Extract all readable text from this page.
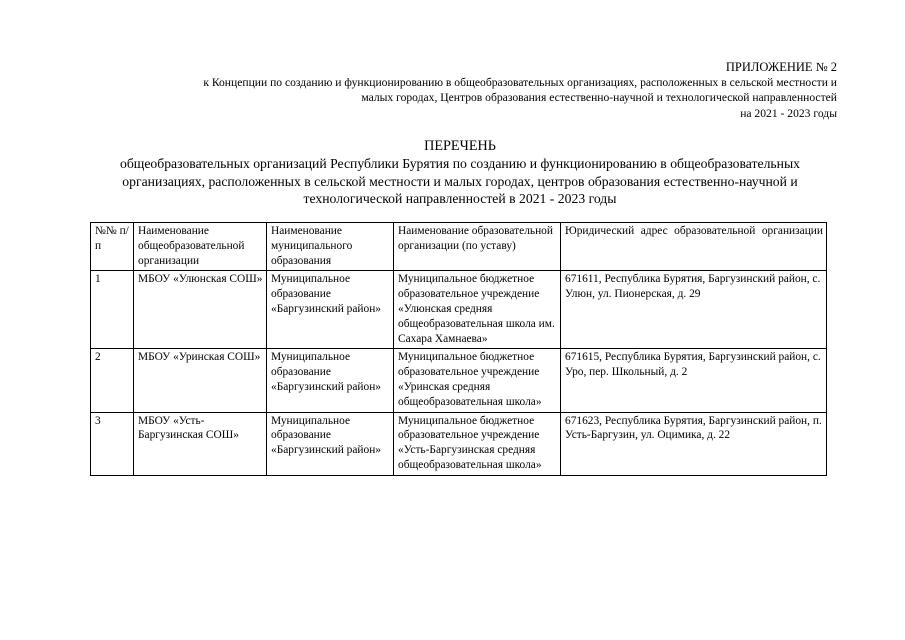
ПРИЛОЖЕНИЕ № 2
к Концепции по созданию и функционированию в общеобразовательных организациях, расположенных в сельской местности и
малых городах, Центров образования естественно-научной и технологической направленностей
на 2021 - 2023 годы
ПЕРЕЧЕНЬ
общеобразовательных организаций Республики Бурятия по созданию и функционированию в общеобразовательных
организациях, расположенных в сельской местности и малых городах, центров образования естественно-научной и
технологической направленностей в 2021 - 2023 годы
№№ п/п	Наименование общеобразовательной организации	Наименование муниципального образования	Наименование образовательной организации (по уставу)	Юридический адрес образовательной организации
1	МБОУ «Улюнская СОШ»	Муниципальное образование «Баргузинский район»	Муниципальное бюджетное образовательное учреждение «Улюнская средняя общеобразовательная школа им. Сахара Хамнаева»	671611, Республика Бурятия, Баргузинский район, с. Улюн, ул. Пионерская, д. 29
2	МБОУ «Уринская СОШ»	Муниципальное образование «Баргузинский район»	Муниципальное бюджетное образовательное учреждение «Уринская средняя общеобразовательная школа»	671615, Республика Бурятия, Баргузинский район, с. Уро, пер. Школьный, д. 2
3	МБОУ «Усть-Баргузинская СОШ»	Муниципальное образование «Баргузинский район»	Муниципальное бюджетное образовательное учреждение «Усть-Баргузинская средняя общеобразовательная школа»	671623, Республика Бурятия, Баргузинский район, п. Усть-Баргузин, ул. Оцимика, д. 22
